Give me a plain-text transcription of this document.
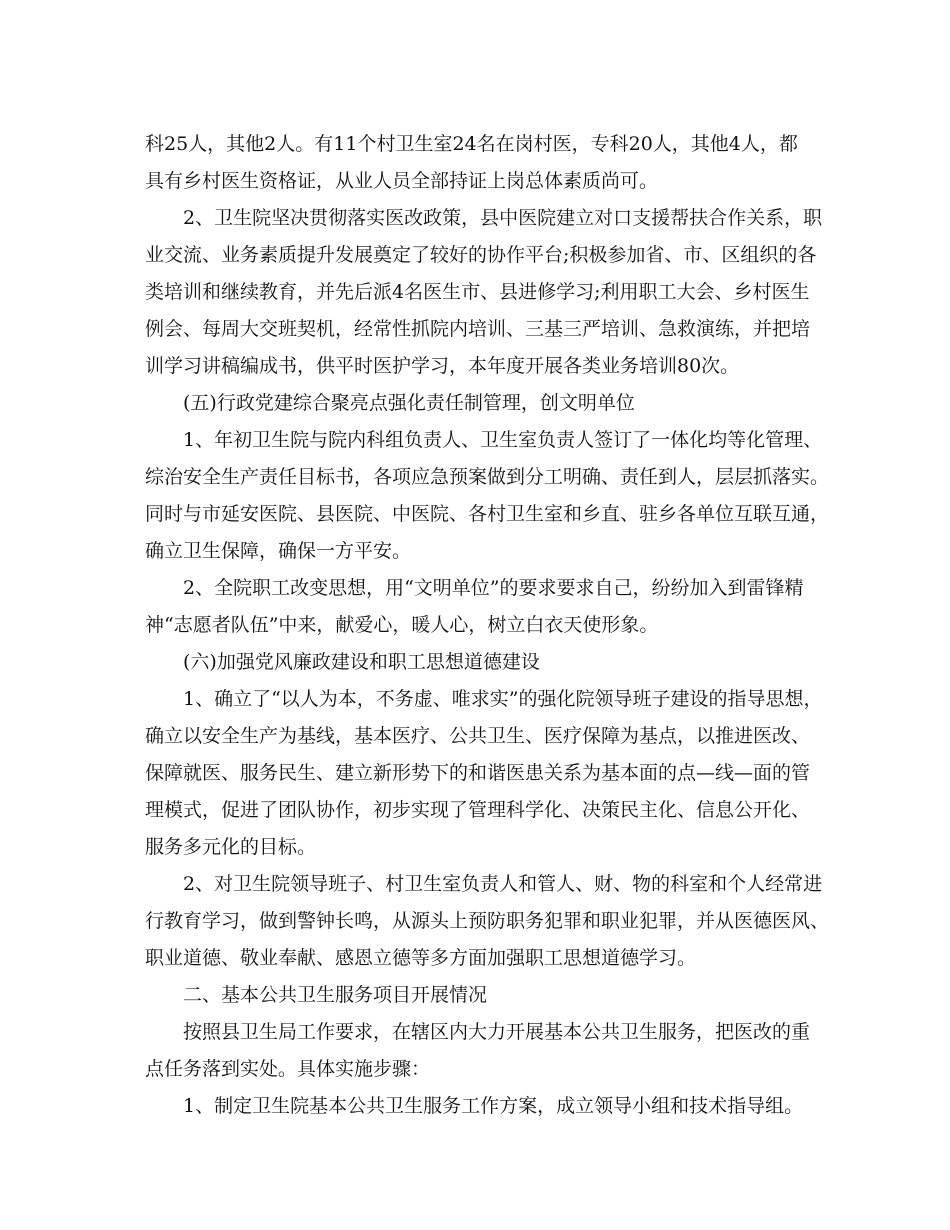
科25人，其他2人。有11个村卫生室24名在岗村医，专科20人，其他4人，都
具有乡村医生资格证，从业人员全部持证上岗总体素质尚可。
2、卫生院坚决贯彻落实医改政策，县中医院建立对口支援帮扶合作关系，职
业交流、业务素质提升发展奠定了较好的协作平台;积极参加省、市、区组织的各
类培训和继续教育，并先后派4名医生市、县进修学习;利用职工大会、乡村医生
例会、每周大交班契机，经常性抓院内培训、三基三严培训、急救演练，并把培
训学习讲稿编成书，供平时医护学习，本年度开展各类业务培训80次。
(五)行政党建综合聚亮点强化责任制管理，创文明单位
1、年初卫生院与院内科组负责人、卫生室负责人签订了一体化均等化管理、
综治安全生产责任目标书，各项应急预案做到分工明确、责任到人，层层抓落实。
同时与市延安医院、县医院、中医院、各村卫生室和乡直、驻乡各单位互联互通，
确立卫生保障，确保一方平安。
2、全院职工改变思想，用“文明单位”的要求要求自己，纷纷加入到雷锋精
神“志愿者队伍”中来，献爱心，暖人心，树立白衣天使形象。
(六)加强党风廉政建设和职工思想道德建设
1、确立了“以人为本，不务虚、唯求实”的强化院领导班子建设的指导思想，
确立以安全生产为基线，基本医疗、公共卫生、医疗保障为基点，以推进医改、
保障就医、服务民生、建立新形势下的和谐医患关系为基本面的点—线—面的管
理模式，促进了团队协作，初步实现了管理科学化、决策民主化、信息公开化、
服务多元化的目标。
2、对卫生院领导班子、村卫生室负责人和管人、财、物的科室和个人经常进
行教育学习，做到警钟长鸣，从源头上预防职务犯罪和职业犯罪，并从医德医风、
职业道德、敬业奉献、感恩立德等多方面加强职工思想道德学习。
二、基本公共卫生服务项目开展情况
按照县卫生局工作要求，在辖区内大力开展基本公共卫生服务，把医改的重
点任务落到实处。具体实施步骤：
1、制定卫生院基本公共卫生服务工作方案，成立领导小组和技术指导组。
